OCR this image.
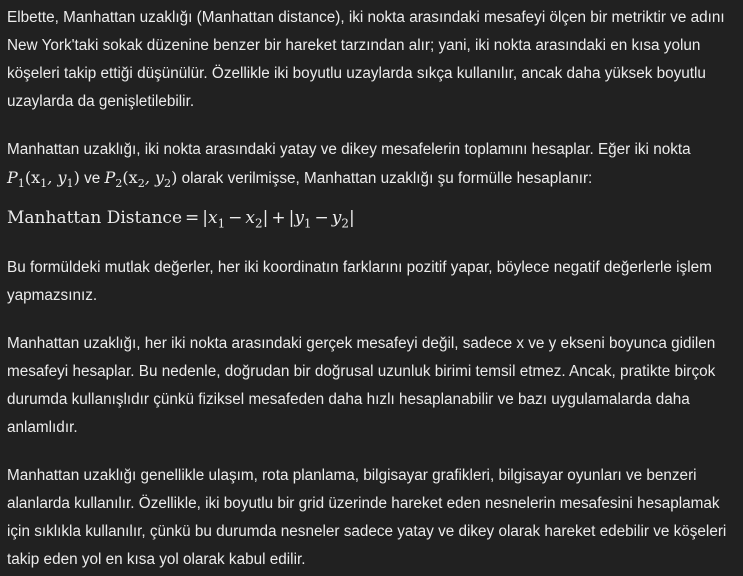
Elbette, Manhattan uzaklığı (Manhattan distance), iki nokta arasındaki mesafeyi ölçen bir metriktir ve adını New York'taki sokak düzenine benzer bir hareket tarzından alır; yani, iki nokta arasındaki en kısa yolun köşeleri takip ettiği düşünülür. Özellikle iki boyutlu uzaylarda sıkça kullanılır, ancak daha yüksek boyutlu uzaylarda da genişletilebilir.

Manhattan uzaklığı, iki nokta arasındaki yatay ve dikey mesafelerin toplamını hesaplar. Eğer iki nokta $P_1(x_1$, $y_1$) ve $P_2(x_2$, $y_2$) olarak verilmişse, Manhattan uzaklığı şu formülle hesaplanır:

Manhattan Distance = $|x_1 - x_2| + |y_1 - y_2|$

Bu formüldeki mutlak değerler, her iki koordinatın farklarını pozitif yapar, böylece negatif değerlerle işlem yapmazsınız.

Manhattan uzaklığı, her iki nokta arasındaki gerçek mesafeyi değil, sadece x ve y ekseni boyunca gidilen mesafeyi hesaplar. Bu nedenle, doğrudan bir doğrusal uzunluk birimi temsil etmez. Ancak, pratikte birçok durumda kullanışlıdır çünkü fiziksel mesafeden daha hızlı hesaplanabilir ve bazı uygulamalarda daha anlamlıdır.

Manhattan uzaklığı genellikle ulaşım, rota planlama, bilgisayar grafikleri, bilgisayar oyunları ve benzeri alanlarda kullanılır. Özellikle, iki boyutlu bir grid üzerinde hareket eden nesnelerin mesafesini hesaplamak için sıklıkla kullanılır, çünkü bu durumda nesneler sadece yatay ve dikey olarak hareket edebilir ve köşeleri takip eden yol en kısa yol olarak kabul edilir.
